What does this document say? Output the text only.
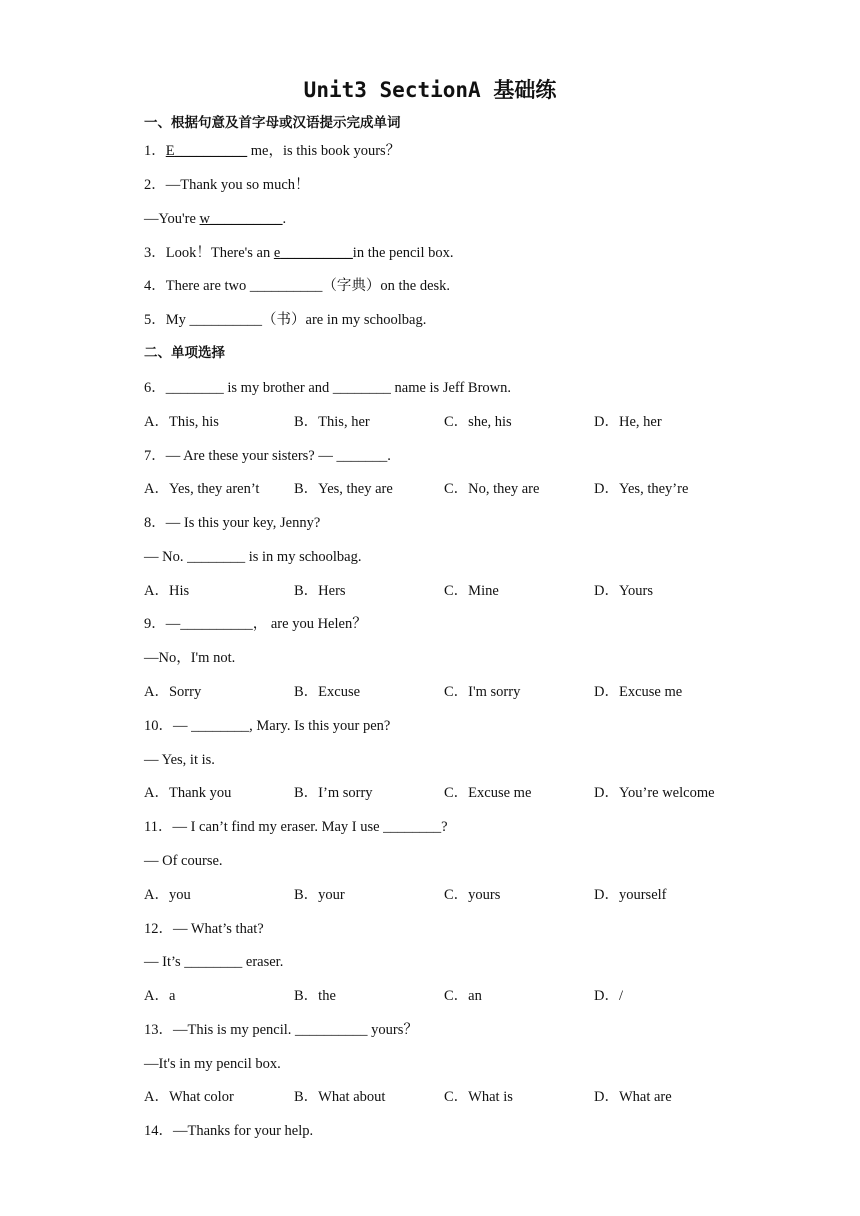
Unit3 SectionA 基础练
一、根据句意及首字母或汉语提示完成单词
1．E__________ me，is this book yours？
2．—Thank you so much！
—You're w__________.
3．Look！There's an e__________in the pencil box.
4．There are two __________（字典）on the desk.
5．My __________（书）are in my schoolbag.
二、单项选择
6．________ is my brother and ________ name is Jeff Brown.
A．This, his	B．This, her	C．she, his	D．He, her
7．— Are these your sisters? — _______.
A．Yes, they aren’t B．Yes, they are	C．No, they are	D．Yes, they’re
8．— Is this your key, Jenny?
— No. ________ is in my schoolbag.
A．His	B．Hers	C．Mine	D．Yours
9．—__________， are you Helen？
—No，I'm not.
A．Sorry	B．Excuse	C．I'm sorry	D．Excuse me
10．— ________, Mary. Is this your pen?
— Yes, it is.
A．Thank you	B．I’m sorry	C．Excuse me	D．You’re welcome
11．— I can’t find my eraser. May I use ________?
— Of course.
A．you	B．your	C．yours	D．yourself
12．— What’s that?
— It’s ________ eraser.
A．a	B．the	C．an	D．/
13．—This is my pencil. __________ yours？
—It's in my pencil box.
A．What color	B．What about	C．What is	D．What are
14．—Thanks for your help.
